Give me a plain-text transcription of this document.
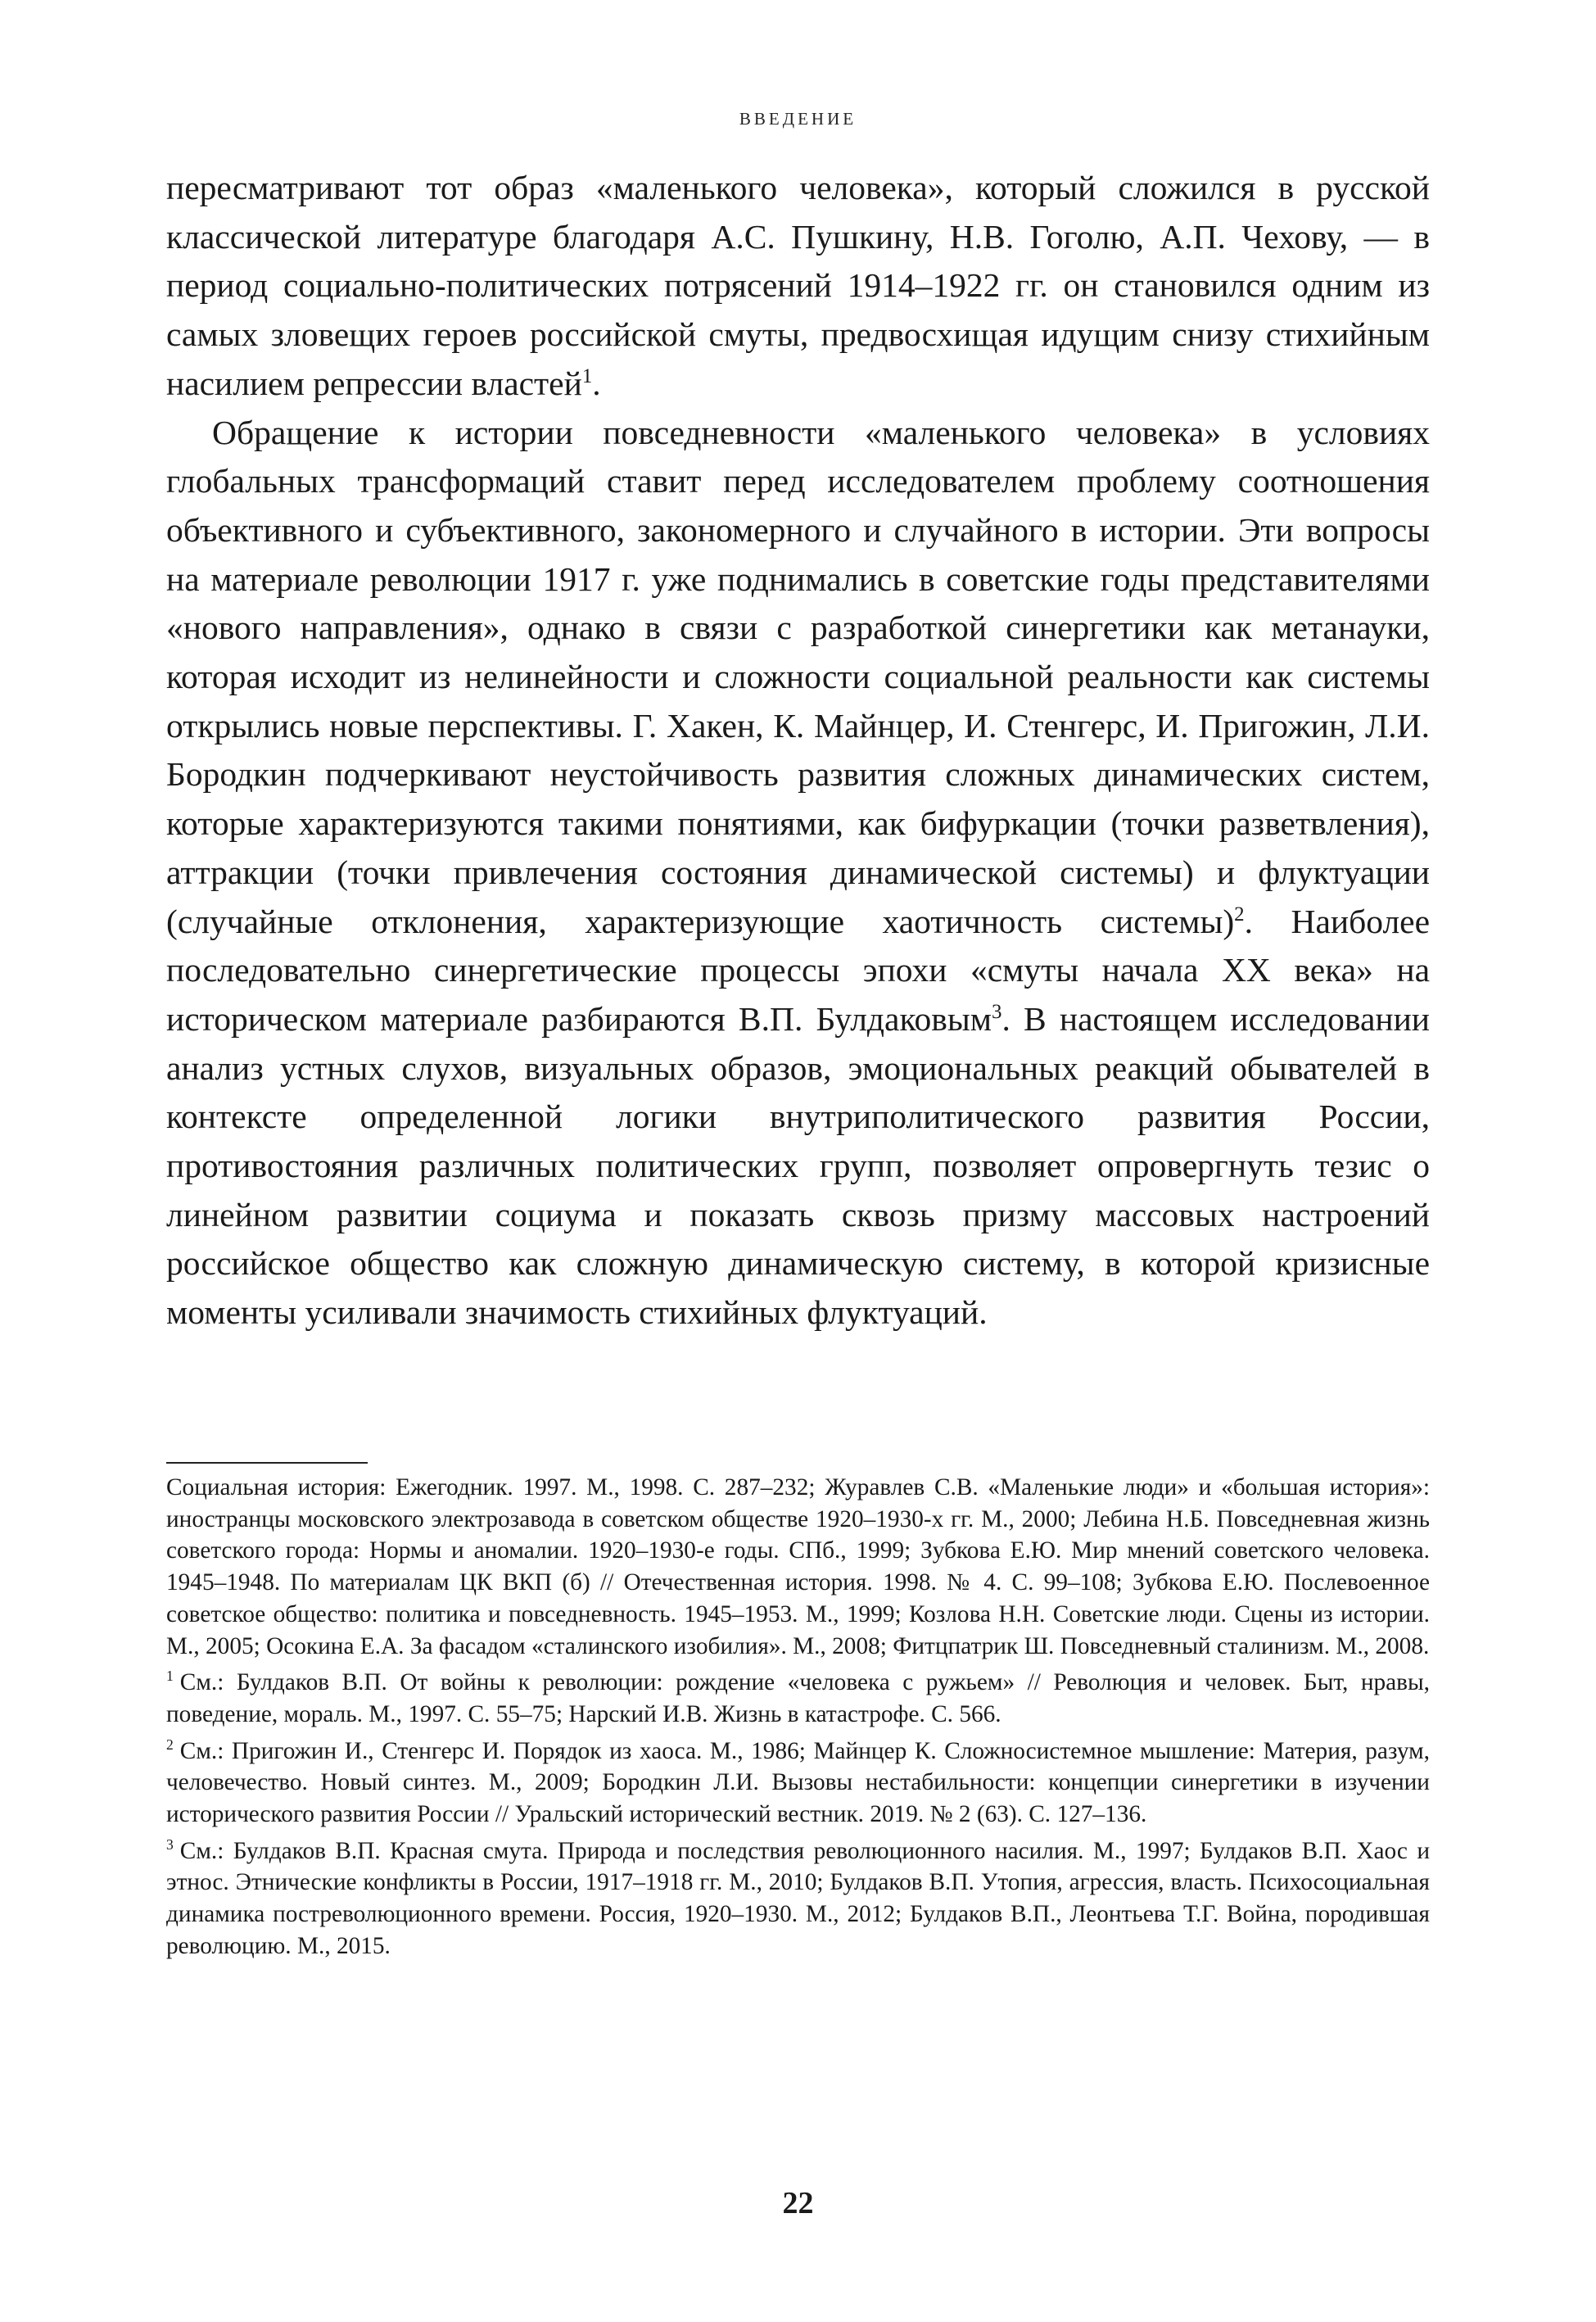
ВВЕДЕНИЕ

пересматривают тот образ «маленького человека», который сложился в русской классической литературе благодаря А.С. Пушкину, Н.В. Гоголю, А.П. Чехову, — в период социально-политических потрясений 1914–1922 гг. он становился одним из самых зловещих героев российской смуты, предвосхищая идущим снизу стихийным насилием репрессии властей$^1$.

Обращение к истории повседневности «маленького человека» в условиях глобальных трансформаций ставит перед исследователем проблему соотношения объективного и субъективного, закономерного и случайного в истории. Эти вопросы на материале революции 1917 г. уже поднимались в советские годы представителями «нового направления», однако в связи с разработкой синергетики как метанауки, которая исходит из нелинейности и сложности социальной реальности как системы открылись новые перспективы. Г. Хакен, К. Майнцер, И. Стенгерс, И. Пригожин, Л.И. Бородкин подчеркивают неустойчивость развития сложных динамических систем, которые характеризуются такими понятиями, как бифуркации (точки разветвления), аттракции (точки привлечения состояния динамической системы) и флуктуации (случайные отклонения, характеризующие хаотичность системы)$^2$. Наиболее последовательно синергетические процессы эпохи «смуты начала XX века» на историческом материале разбираются В.П. Булдаковым$^3$. В настоящем исследовании анализ устных слухов, визуальных образов, эмоциональных реакций обывателей в контексте определенной логики внутриполитического развития России, противостояния различных политических групп, позволяет опровергнуть тезис о линейном развитии социума и показать сквозь призму массовых настроений российское общество как сложную динамическую систему, в которой кризисные моменты усиливали значимость стихийных флуктуаций.

Социальная история: Ежегодник. 1997. М., 1998. С. 287–232; Журавлев С.В. «Маленькие люди» и «большая история»: иностранцы московского электрозавода в советском обществе 1920–1930-х гг. М., 2000; Лебина Н.Б. Повседневная жизнь советского города: Нормы и аномалии. 1920–1930-е годы. СПб., 1999; Зубкова Е.Ю. Мир мнений советского человека. 1945–1948. По материалам ЦК ВКП (б) // Отечественная история. 1998. № 4. С. 99–108; Зубкова Е.Ю. Послевоенное советское общество: политика и повседневность. 1945–1953. М., 1999; Козлова Н.Н. Советские люди. Сцены из истории. М., 2005; Осокина Е.А. За фасадом «сталинского изобилия». М., 2008; Фитцпатрик Ш. Повседневный сталинизм. М., 2008.

$^1$ См.: Булдаков В.П. От войны к революции: рождение «человека с ружьем» // Революция и человек. Быт, нравы, поведение, мораль. М., 1997. С. 55–75; Нарский И.В. Жизнь в катастрофе. С. 566.

$^2$ См.: Пригожин И., Стенгерс И. Порядок из хаоса. М., 1986; Майнцер К. Сложносистемное мышление: Материя, разум, человечество. Новый синтез. М., 2009; Бородкин Л.И. Вызовы нестабильности: концепции синергетики в изучении исторического развития России // Уральский исторический вестник. 2019. № 2 (63). С. 127–136.

$^3$ См.: Булдаков В.П. Красная смута. Природа и последствия революционного насилия. М., 1997; Булдаков В.П. Хаос и этнос. Этнические конфликты в России, 1917–1918 гг. М., 2010; Булдаков В.П. Утопия, агрессия, власть. Психосоциальная динамика постреволюционного времени. Россия, 1920–1930. М., 2012; Булдаков В.П., Леонтьева Т.Г. Война, породившая революцию. М., 2015.

22
